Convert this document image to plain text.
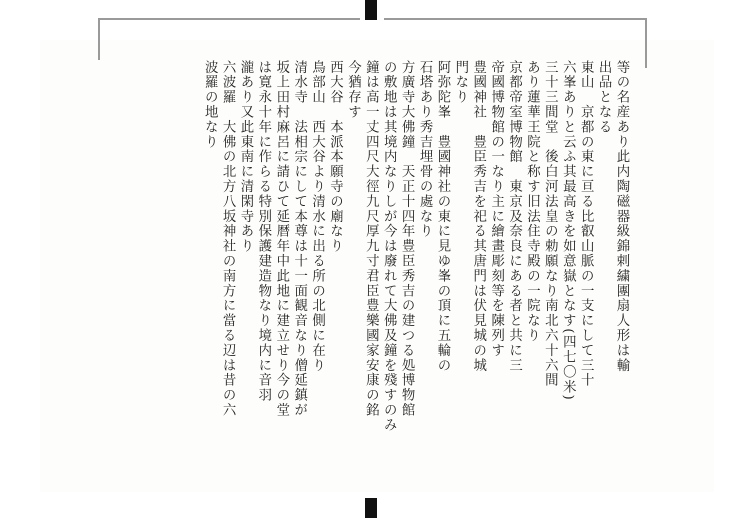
等の名産あり此内陶磁器級錦剌繍團扇人形は輸

出品となる

東山　京都の東に亘る比叡山脈の一支にして三十

六峯ありと云ふ其最高きを如意嶽となす(四七〇米)

三十三間堂　後白河法皇の勅願なり南北六十六間

あり蓮華王院と称す旧法住寺殿の一院なり

京都帝室博物館　東京及奈良にある者と共に三

帝國博物館の一なり主に繪畫彫刻等を陳列す

豊國神社　豊臣秀吉を祀る其唐門は伏見城の城

門なり

阿弥陀峯　豊國神社の東に見ゆ峯の頂に五輪の

石塔あり秀吉埋骨の處なり

方廣寺大佛鐘　天正十四年豊臣秀吉の建つる処博物館

の敷地は其境内なりしが今は廢れて大佛及鐘を殘すのみ

鐘は高一丈四尺大徑九尺厚九寸君臣豊樂國家安康の銘

今猶存す

西大谷　本派本願寺の廟なり

鳥部山　西大谷より清水に出る所の北側に在り

清水寺　法相宗にして本尊は十一面観音なり僧延鎮が

坂上田村麻呂に請ひて延暦年中此地に建立せり今の堂

は寛永十年に作らる特別保護建造物なり境内に音羽

瀧あり又此東南に清閑寺あり

六波羅　大佛の北方八坂神社の南方に當る辺は昔の六

波羅の地なり
